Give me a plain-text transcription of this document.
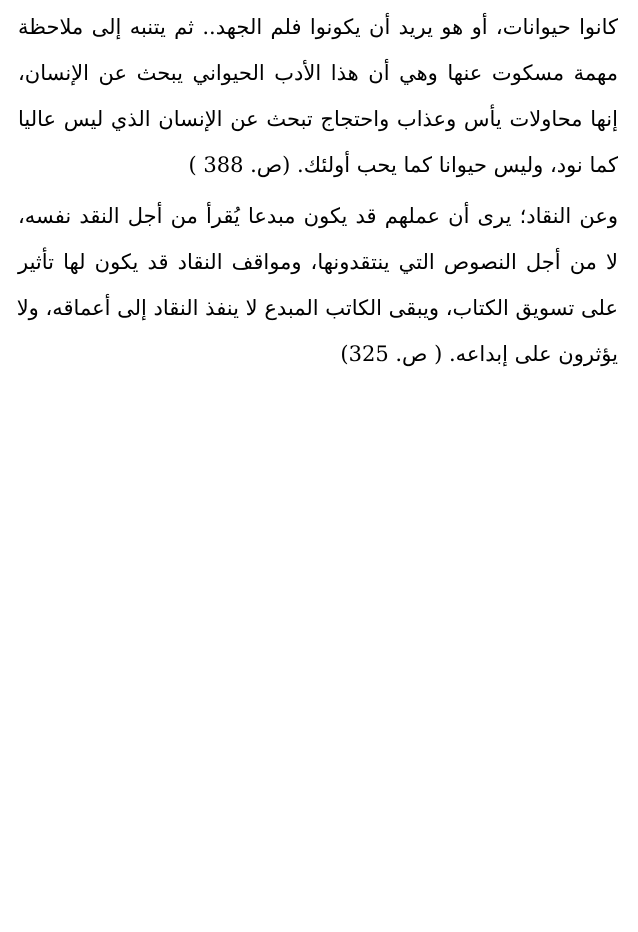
كانوا حيوانات، أو هو يريد أن يكونوا فلم الجهد.. ثم يتنبه إلى ملاحظة
مهمة مسكوت عنها وهي أن هذا الأدب الحيواني يبحث عن الإنسان،
إنها محاولات يأس وعذاب واحتجاج تبحث عن الإنسان الذي ليس عاليا
كما نود، وليس حيوانا كما يحب أولئك. (ص. 388 )
وعن النقاد؛ يرى أن عملهم قد يكون مبدعا يُقرأ من أجل النقد نفسه،
لا من أجل النصوص التي ينتقدونها، ومواقف النقاد قد يكون لها تأثير
على تسويق الكتاب، ويبقى الكاتب المبدع لا ينفذ النقاد إلى أعماقه، ولا
يؤثرون على إبداعه. ( ص. 325)
